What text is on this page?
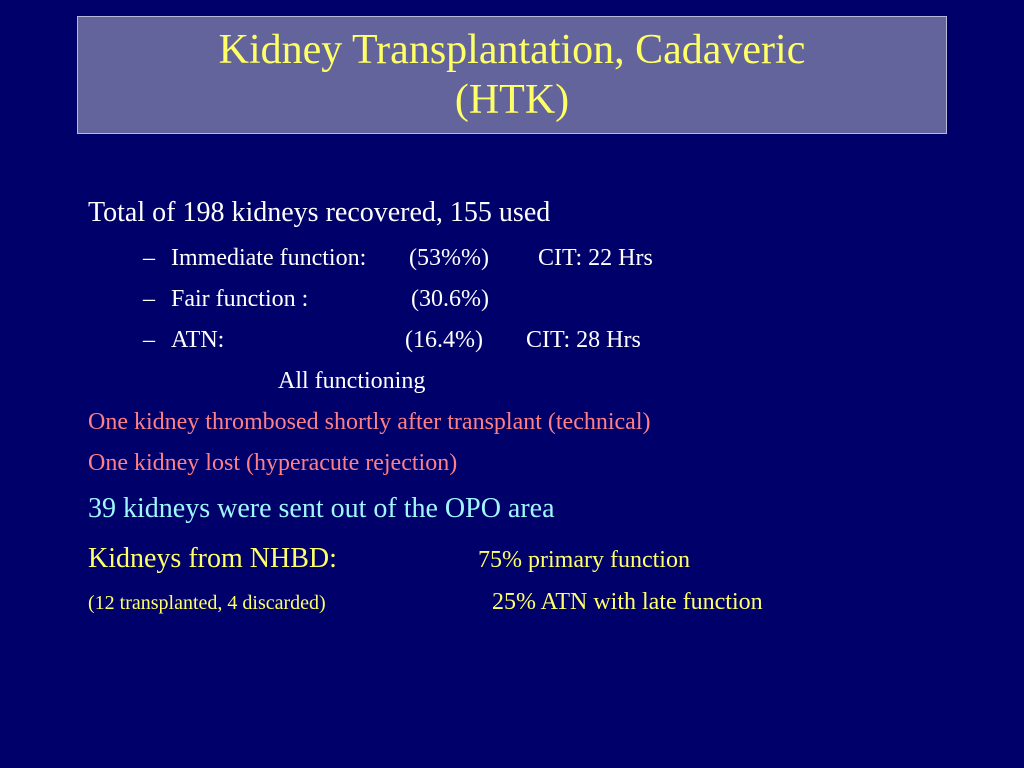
Kidney Transplantation, Cadaveric
(HTK)
Total of 198 kidneys recovered, 155 used
– Immediate function: (53%%) CIT: 22 Hrs
– Fair function :	(30.6%)
– ATN:	(16.4%) CIT: 28 Hrs
All functioning
One kidney thrombosed shortly after transplant (technical)
One kidney lost (hyperacute rejection)
39 kidneys were sent out of the OPO area
Kidneys from NHBD:	75% primary function
(12 transplanted, 4 discarded)	25% ATN with late function
